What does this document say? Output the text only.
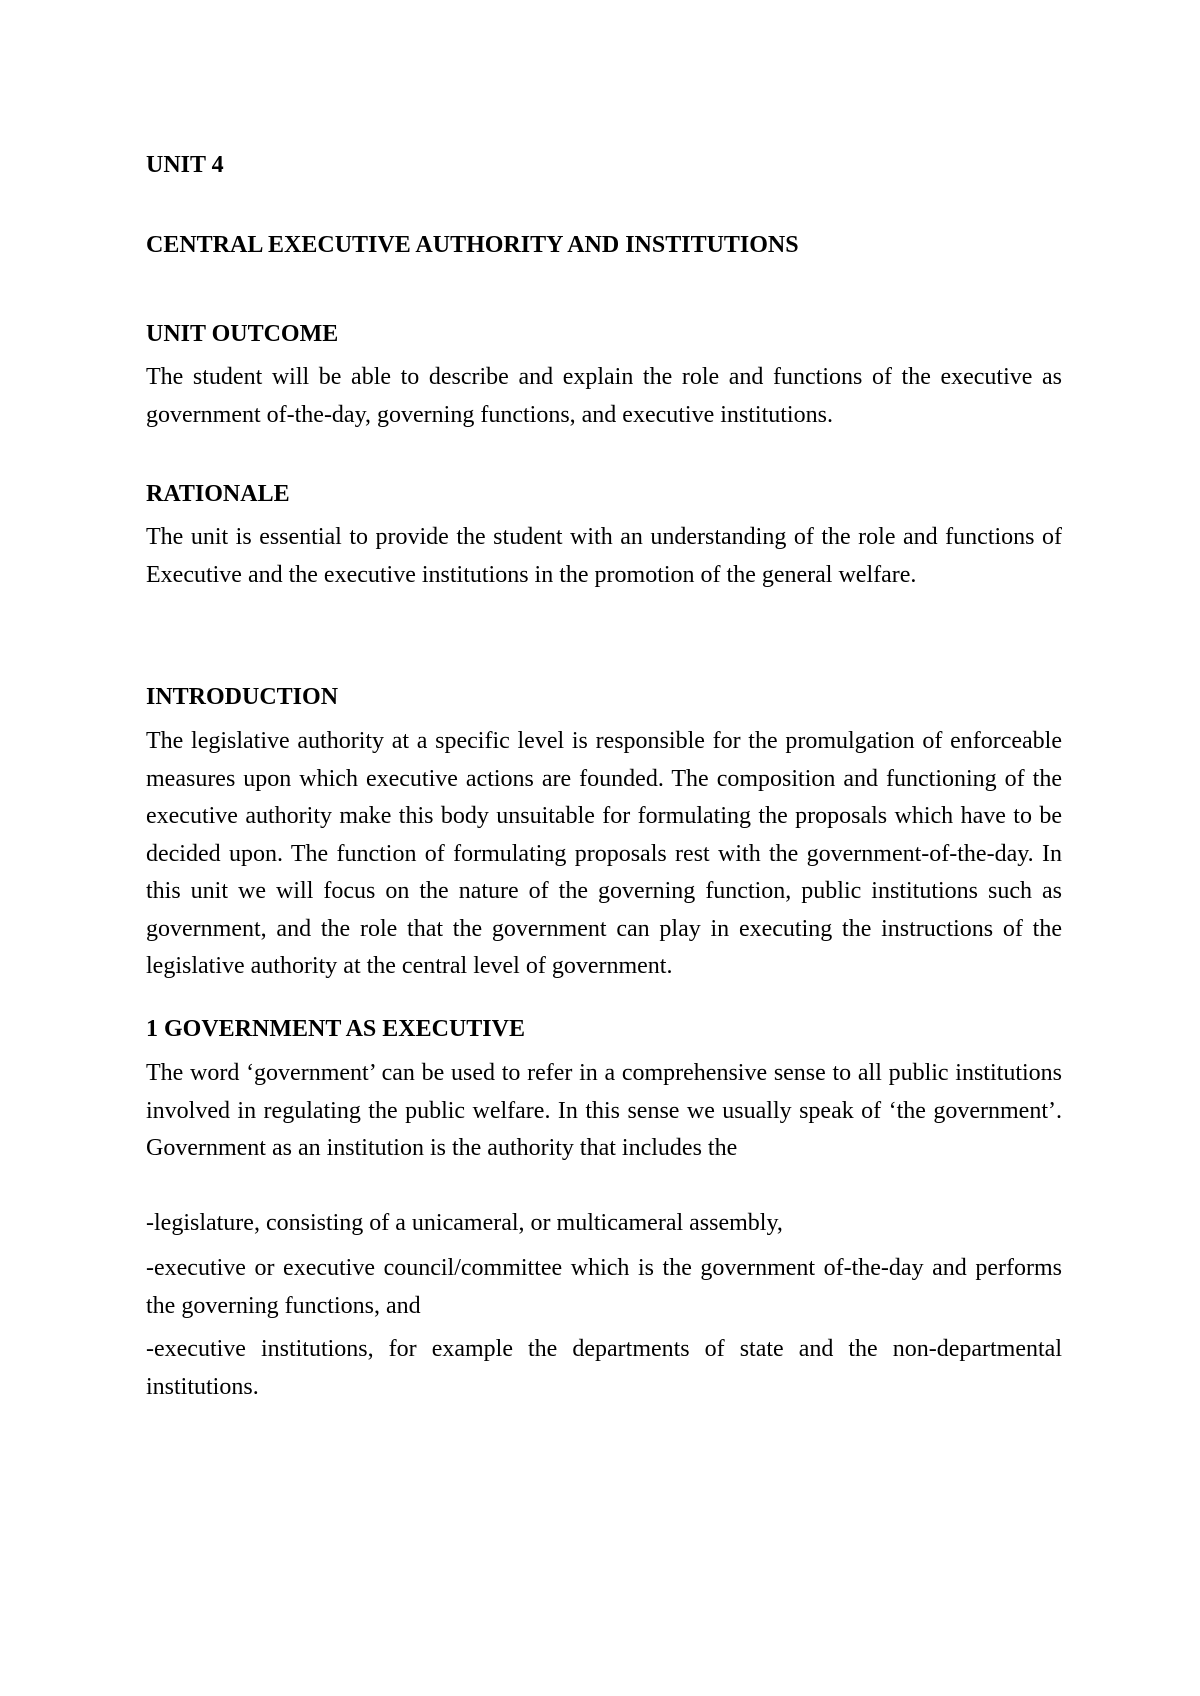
UNIT 4
CENTRAL EXECUTIVE AUTHORITY AND INSTITUTIONS
UNIT OUTCOME

The student will be able to describe and explain the role and functions of the executive as government of-the-day, governing functions, and executive institutions.

RATIONALE

The unit is essential to provide the student with an understanding of the role and functions of Executive and the executive institutions in the promotion of the general welfare.

INTRODUCTION

The legislative authority at a specific level is responsible for the promulgation of enforceable measures upon which executive actions are founded. The composition and functioning of the executive authority make this body unsuitable for formulating the proposals which have to be decided upon. The function of formulating proposals rest with the government-of-the-day. In this unit we will focus on the nature of the governing function, public institutions such as government, and the role that the government can play in executing the instructions of the legislative authority at the central level of government.

1 GOVERNMENT AS EXECUTIVE

The word ‘government’ can be used to refer in a comprehensive sense to all public institutions involved in regulating the public welfare. In this sense we usually speak of ‘the government’. Government as an institution is the authority that includes the

-legislature, consisting of a unicameral, or multicameral assembly,

-executive or executive council/committee which is the government of-the-day and performs the governing functions, and

-executive institutions, for example the departments of state and the non-departmental institutions.
